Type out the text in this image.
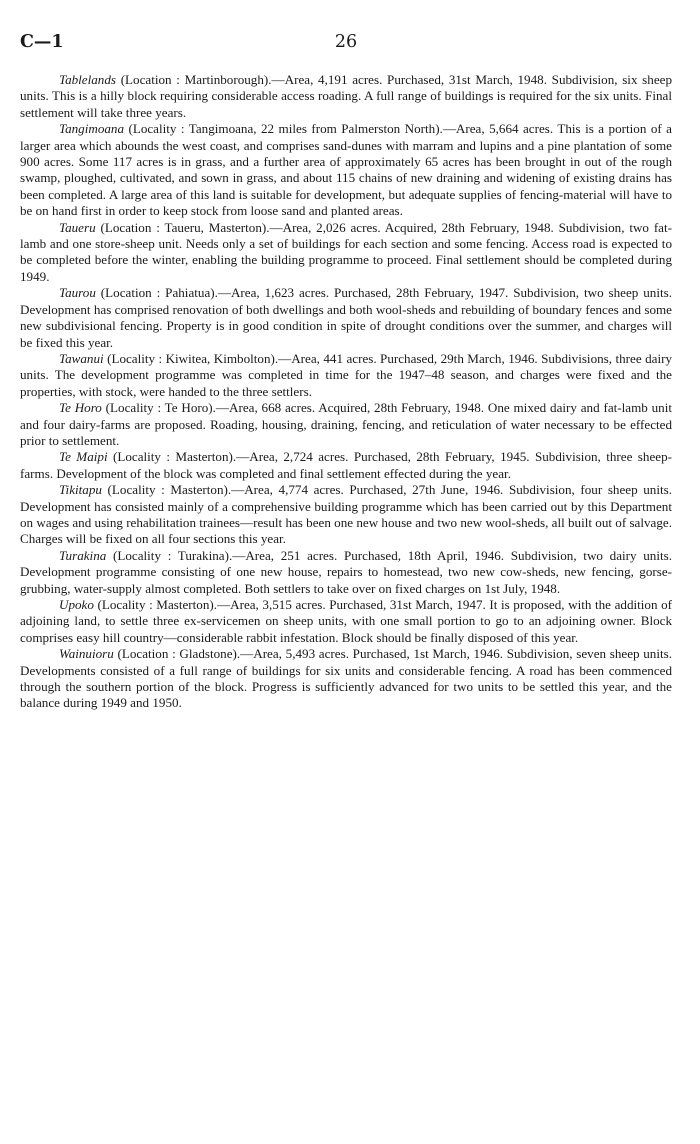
C—1	26

Tablelands (Location : Martinborough).—Area, 4,191 acres. Purchased, 31st March, 1948. Subdivision, six sheep units. This is a hilly block requiring considerable access roading. A full range of buildings is required for the six units. Final settlement will take three years.

Tangimoana (Locality : Tangimoana, 22 miles from Palmerston North).—Area, 5,664 acres. This is a portion of a larger area which abounds the west coast, and comprises sand-dunes with marram and lupins and a pine plantation of some 900 acres. Some 117 acres is in grass, and a further area of approximately 65 acres has been brought in out of the rough swamp, ploughed, cultivated, and sown in grass, and about 115 chains of new draining and widening of existing drains has been completed. A large area of this land is suitable for development, but adequate supplies of fencing-material will have to be on hand first in order to keep stock from loose sand and planted areas.

Taueru (Location : Taueru, Masterton).—Area, 2,026 acres. Acquired, 28th February, 1948. Subdivision, two fat-lamb and one store-sheep unit. Needs only a set of buildings for each section and some fencing. Access road is expected to be completed before the winter, enabling the building programme to proceed. Final settlement should be completed during 1949.

Taurou (Location : Pahiatua).—Area, 1,623 acres. Purchased, 28th February, 1947. Subdivision, two sheep units. Development has comprised renovation of both dwellings and both wool-sheds and rebuilding of boundary fences and some new subdivisional fencing. Property is in good condition in spite of drought conditions over the summer, and charges will be fixed this year.

Tawanui (Locality : Kiwitea, Kimbolton).—Area, 441 acres. Purchased, 29th March, 1946. Subdivisions, three dairy units. The development programme was completed in time for the 1947–48 season, and charges were fixed and the properties, with stock, were handed to the three settlers.

Te Horo (Locality : Te Horo).—Area, 668 acres. Acquired, 28th February, 1948. One mixed dairy and fat-lamb unit and four dairy-farms are proposed. Roading, housing, draining, fencing, and reticulation of water necessary to be effected prior to settlement.

Te Maipi (Locality : Masterton).—Area, 2,724 acres. Purchased, 28th February, 1945. Subdivision, three sheep-farms. Development of the block was completed and final settlement effected during the year.

Tikitapu (Locality : Masterton).—Area, 4,774 acres. Purchased, 27th June, 1946. Subdivision, four sheep units. Development has consisted mainly of a comprehensive building programme which has been carried out by this Department on wages and using rehabilitation trainees—result has been one new house and two new wool-sheds, all built out of salvage. Charges will be fixed on all four sections this year.

Turakina (Locality : Turakina).—Area, 251 acres. Purchased, 18th April, 1946. Subdivision, two dairy units. Development programme consisting of one new house, repairs to homestead, two new cow-sheds, new fencing, gorse-grubbing, water-supply almost completed. Both settlers to take over on fixed charges on 1st July, 1948.

Upoko (Locality : Masterton).—Area, 3,515 acres. Purchased, 31st March, 1947. It is proposed, with the addition of adjoining land, to settle three ex-servicemen on sheep units, with one small portion to go to an adjoining owner. Block comprises easy hill country—considerable rabbit infestation. Block should be finally disposed of this year.

Wainuioru (Location : Gladstone).—Area, 5,493 acres. Purchased, 1st March, 1946. Subdivision, seven sheep units. Developments consisted of a full range of buildings for six units and considerable fencing. A road has been commenced through the southern portion of the block. Progress is sufficiently advanced for two units to be settled this year, and the balance during 1949 and 1950.
